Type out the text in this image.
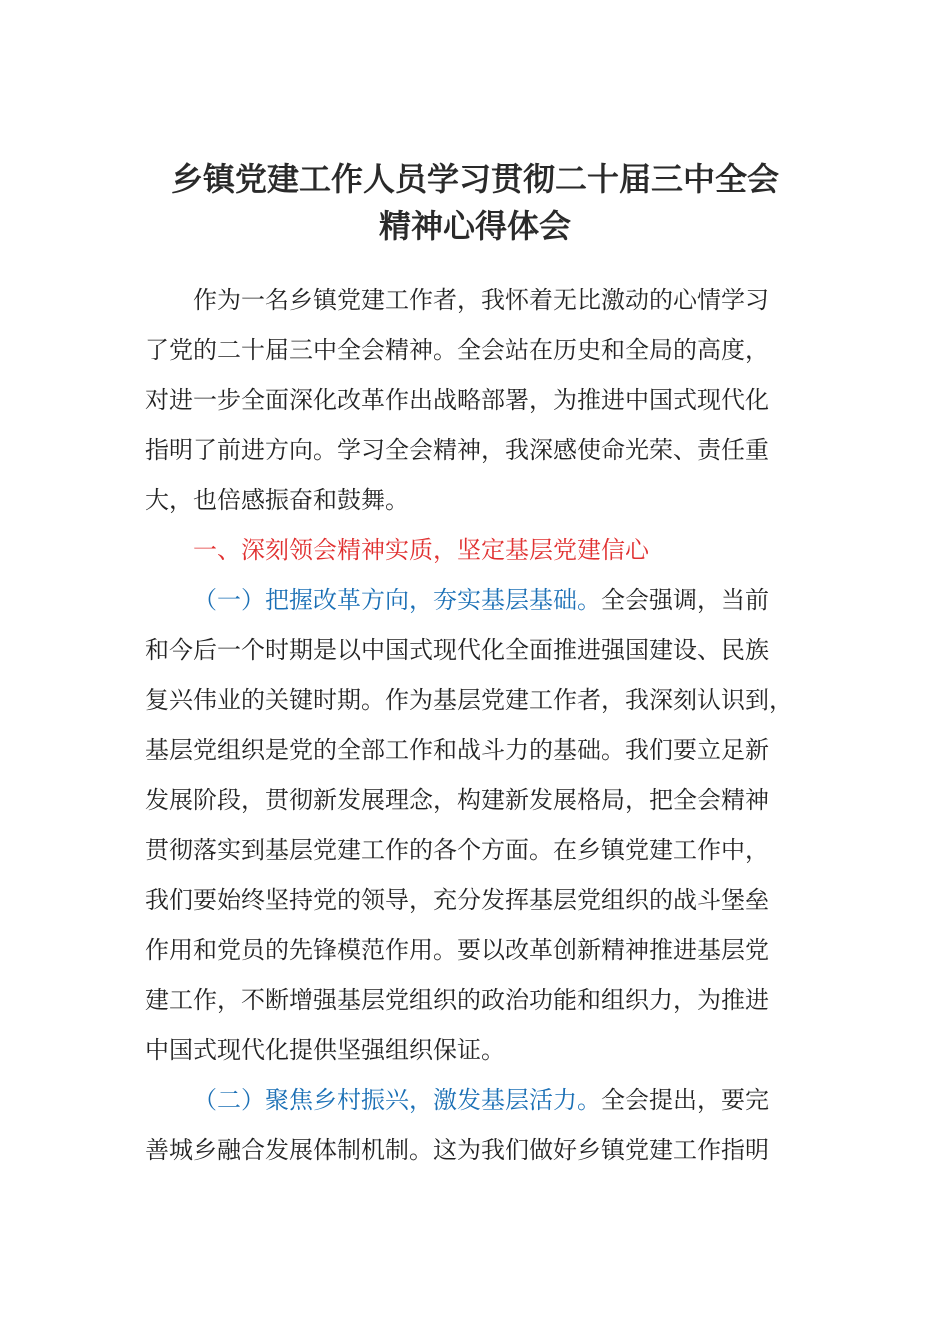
乡镇党建工作人员学习贯彻二十届三中全会
精神心得体会
作为一名乡镇党建工作者，我怀着无比激动的心情学习
了党的二十届三中全会精神。全会站在历史和全局的高度，
对进一步全面深化改革作出战略部署，为推进中国式现代化
指明了前进方向。学习全会精神，我深感使命光荣、责任重
大，也倍感振奋和鼓舞。
一、深刻领会精神实质，坚定基层党建信心
（一）把握改革方向，夯实基层基础。全会强调，当前
和今后一个时期是以中国式现代化全面推进强国建设、民族
复兴伟业的关键时期。作为基层党建工作者，我深刻认识到，
基层党组织是党的全部工作和战斗力的基础。我们要立足新
发展阶段，贯彻新发展理念，构建新发展格局，把全会精神
贯彻落实到基层党建工作的各个方面。在乡镇党建工作中，
我们要始终坚持党的领导，充分发挥基层党组织的战斗堡垒
作用和党员的先锋模范作用。要以改革创新精神推进基层党
建工作，不断增强基层党组织的政治功能和组织力，为推进
中国式现代化提供坚强组织保证。
（二）聚焦乡村振兴，激发基层活力。全会提出，要完
善城乡融合发展体制机制。这为我们做好乡镇党建工作指明
